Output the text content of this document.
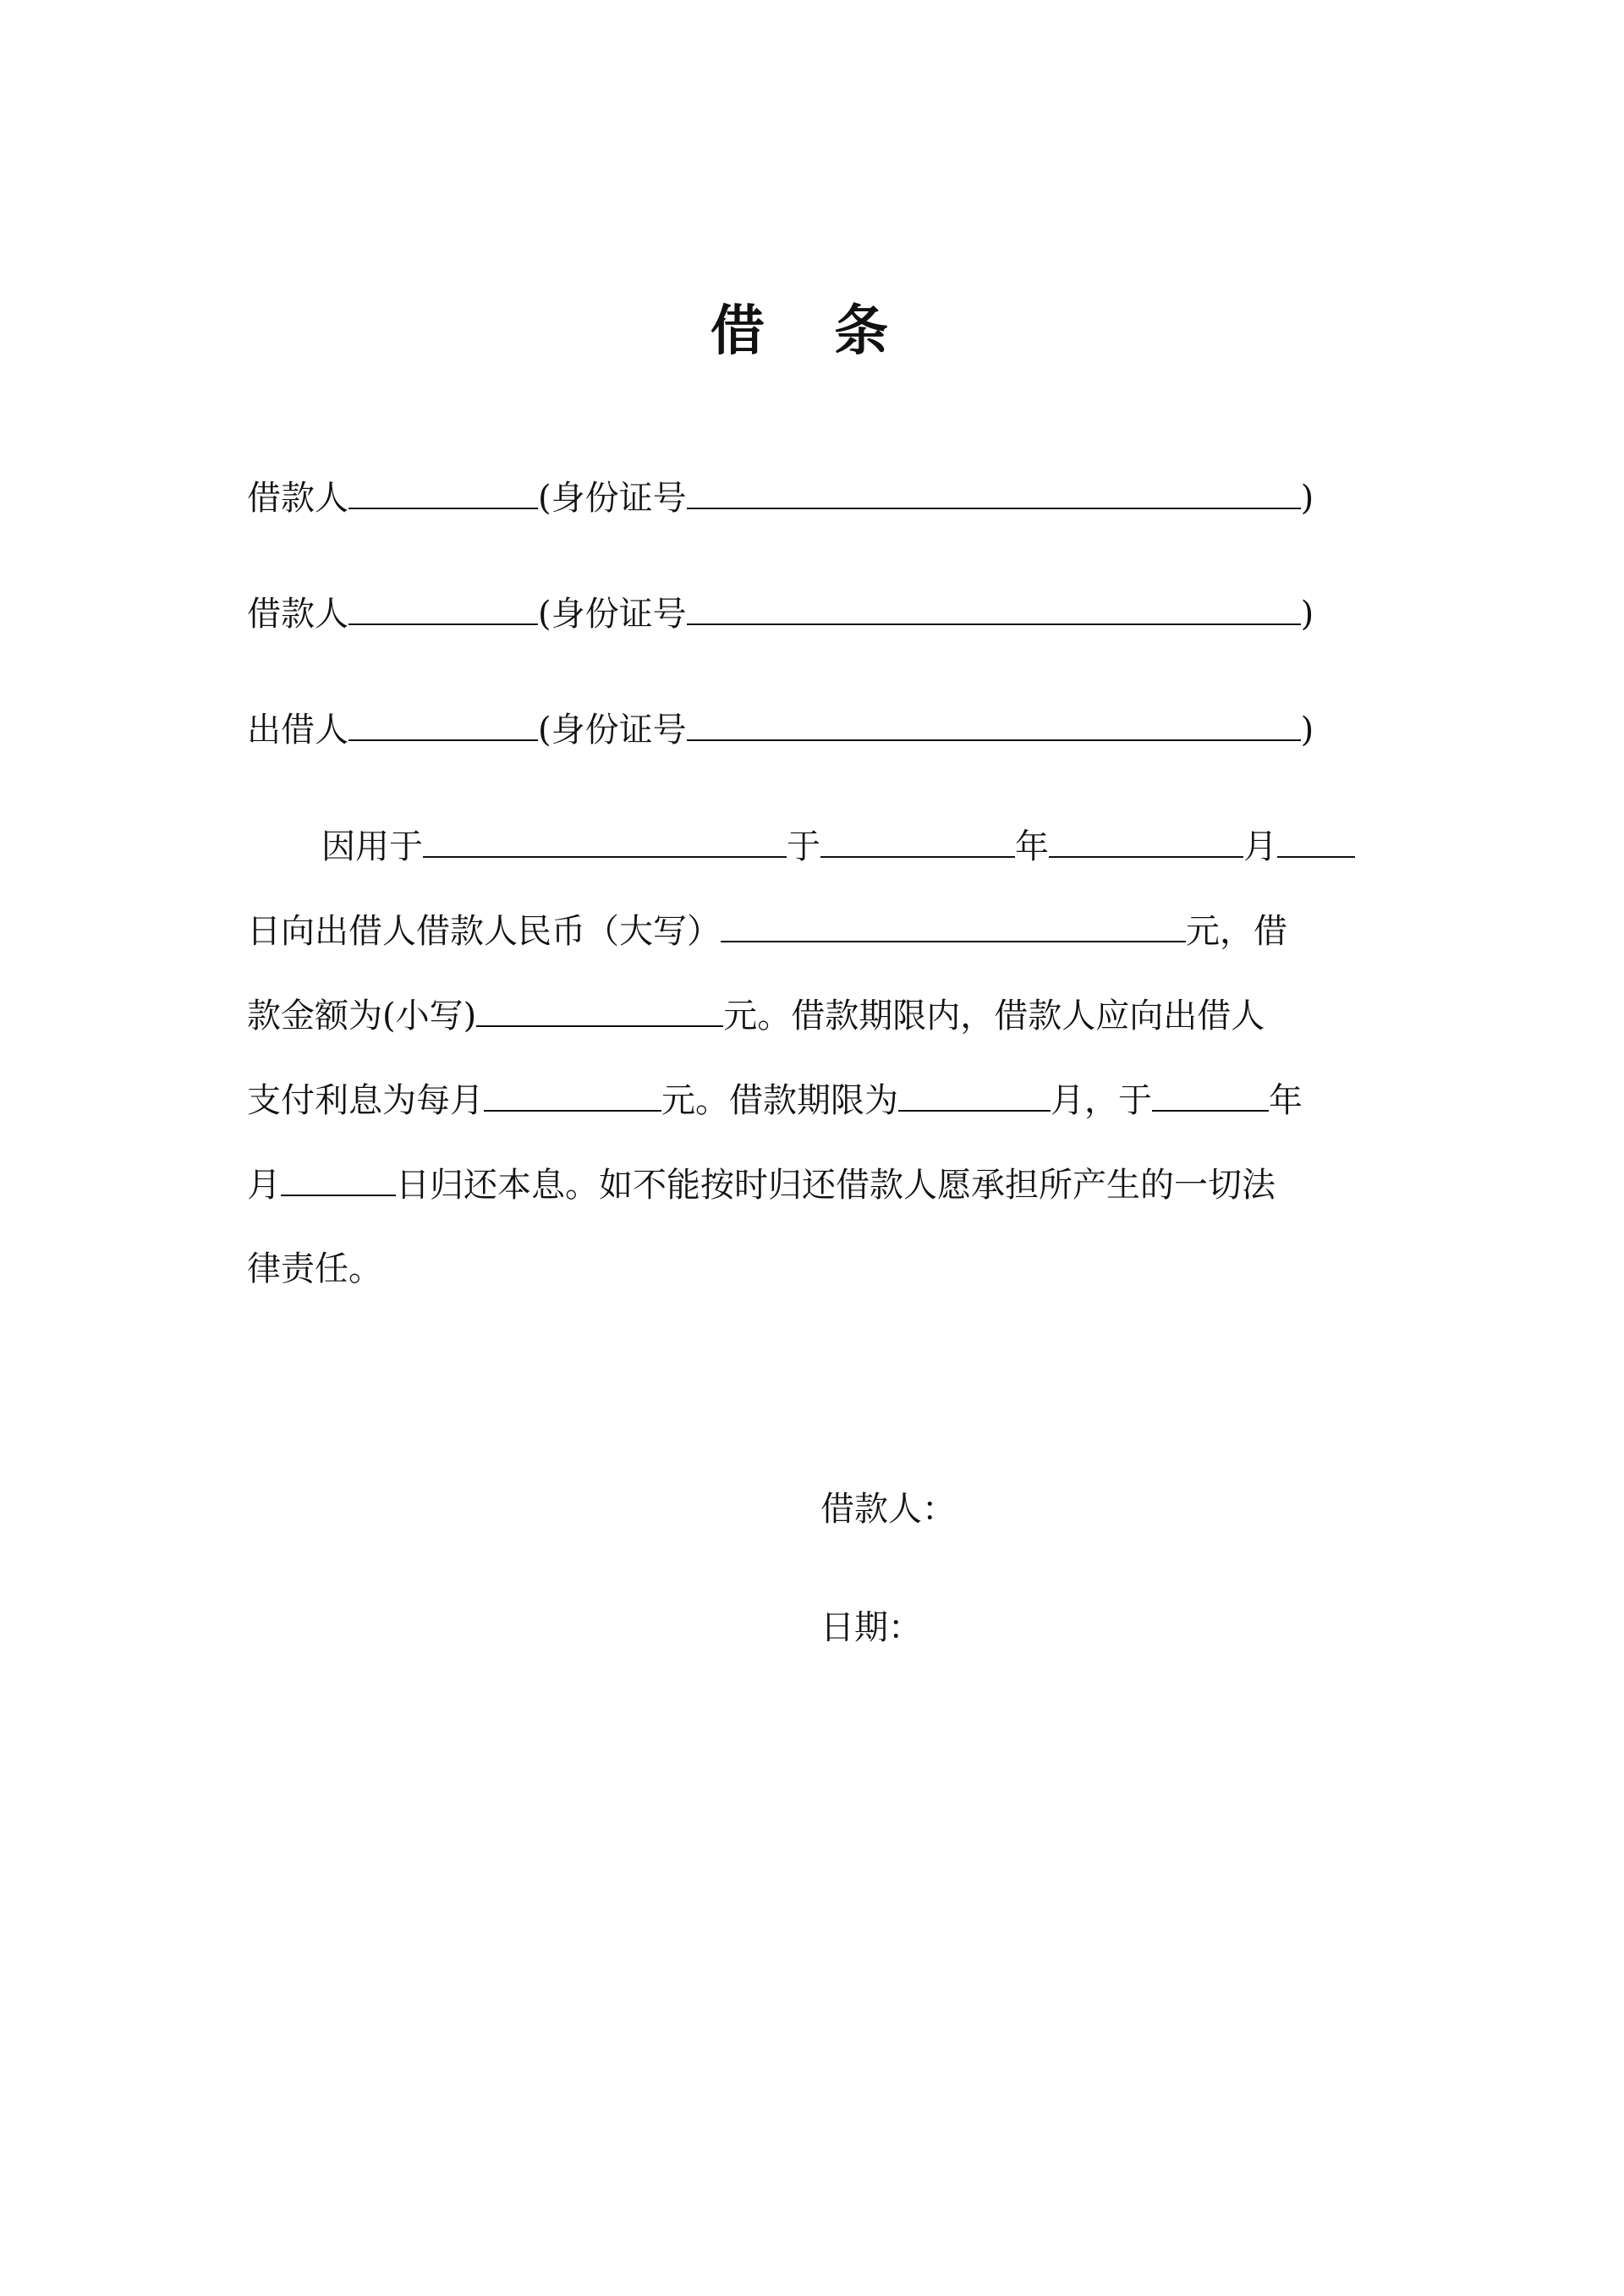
借 条
借款人	(身份证号	)
借款人	(身份证号	)
出借人	(身份证号	)
因用于	于	年	月
日向出借人借款人民币（大写）	元，借
款金额为(小写)	元。借款期限内，借款人应向出借人
支付利息为每月	元。借款期限为	月，于	年
月	日归还本息。如不能按时归还借款人愿承担所产生的一切法
律责任。
借款人：
日期：
